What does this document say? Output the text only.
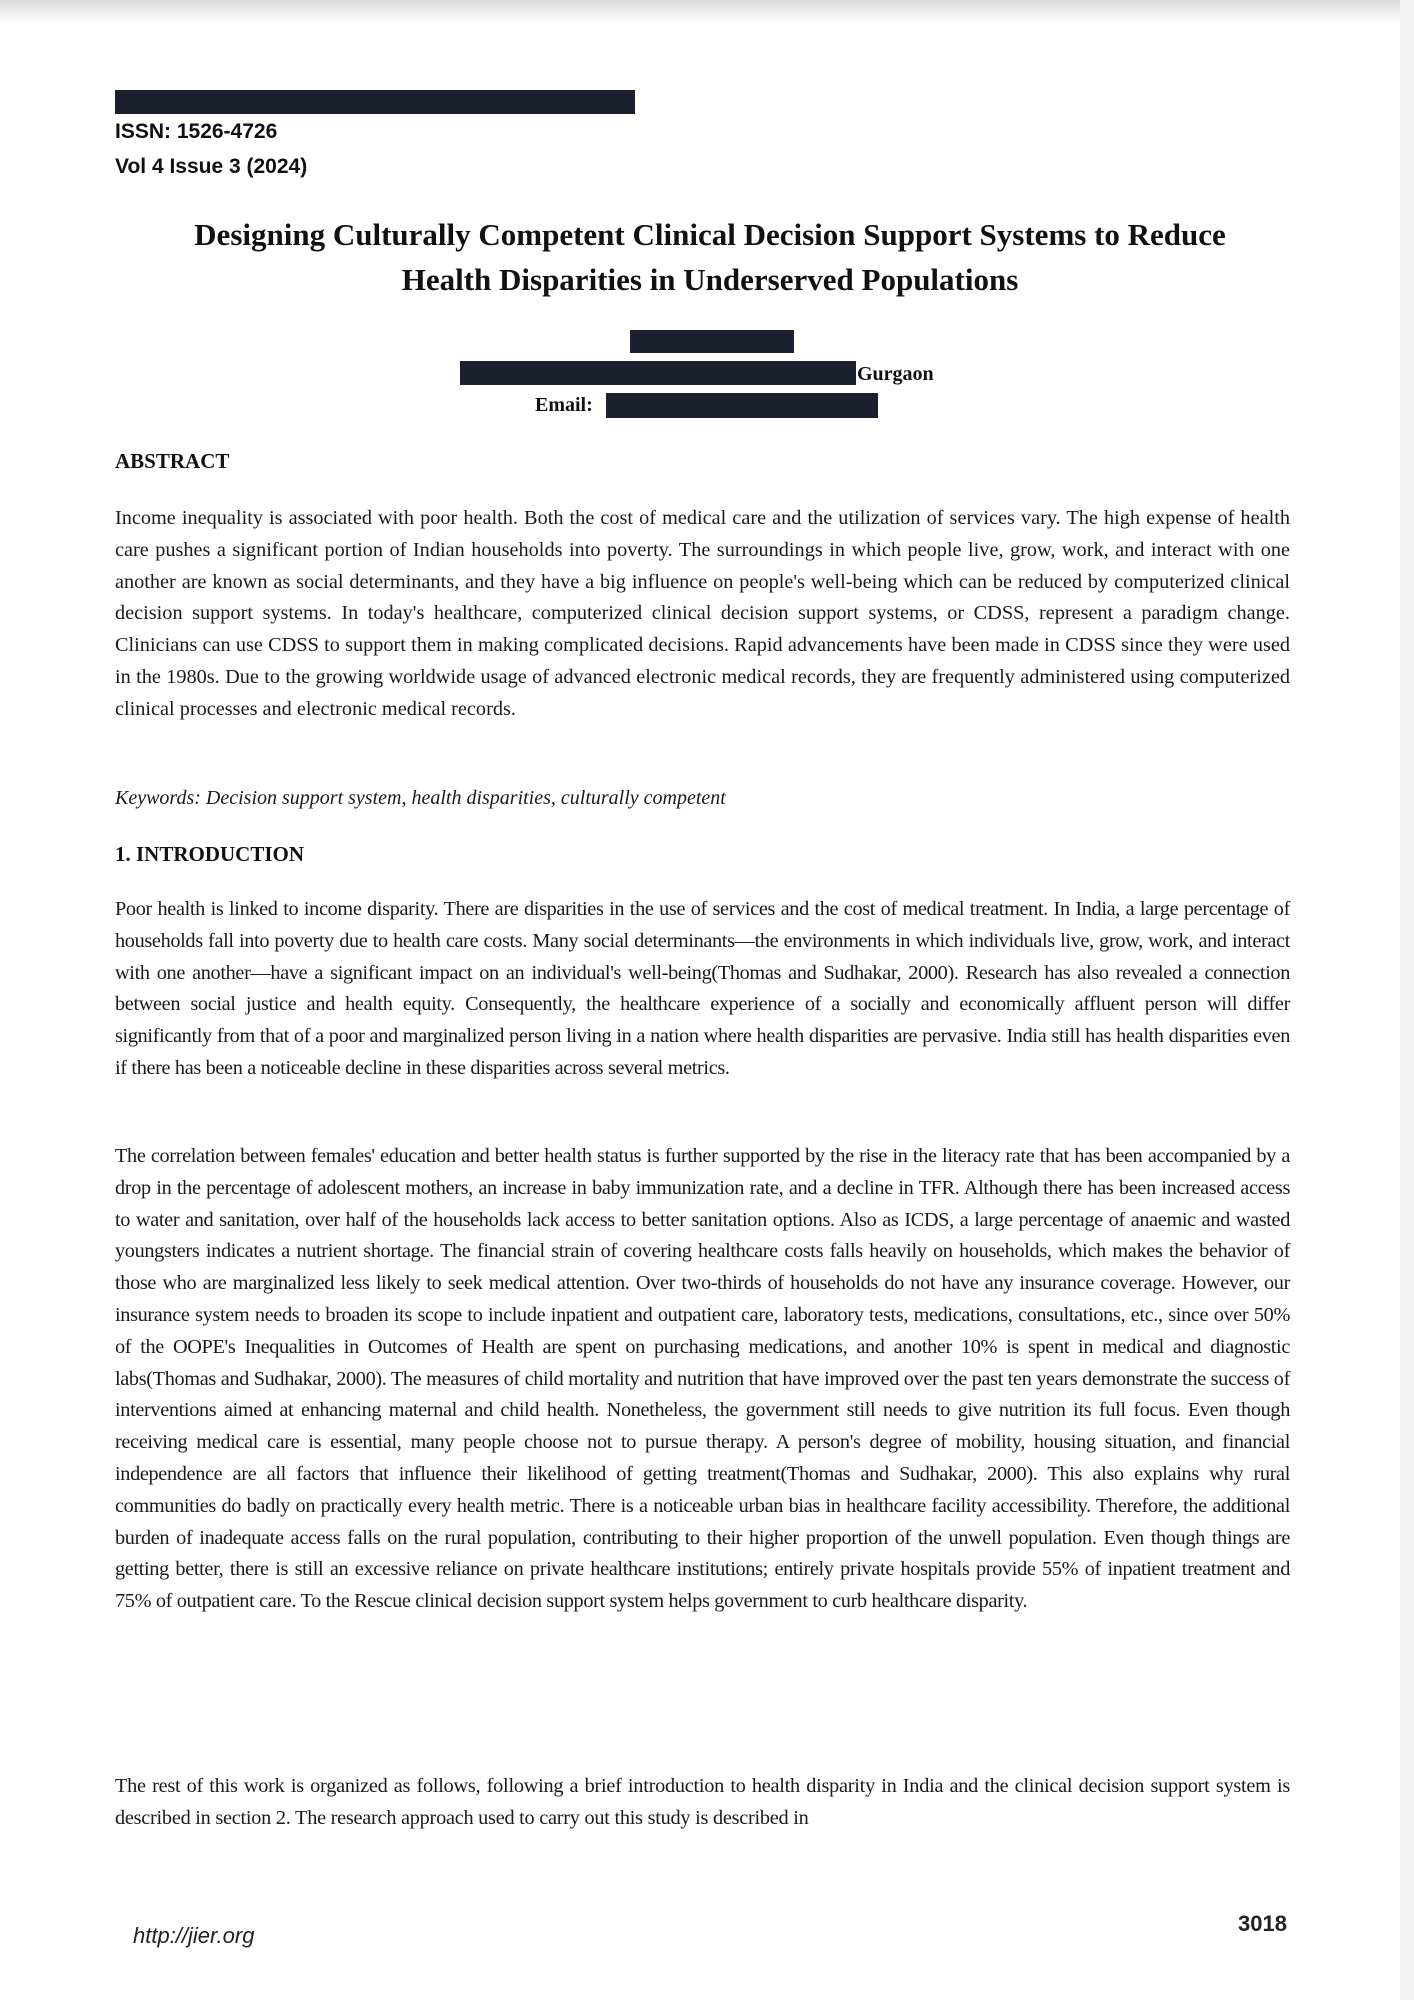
ISSN: 1526-4726
Vol 4 Issue 3 (2024)
Designing Culturally Competent Clinical Decision Support Systems to Reduce
Health Disparities in Underserved Populations
Gurgaon
Email:
ABSTRACT
Income inequality is associated with poor health. Both the cost of medical care and the utilization of services vary. The high expense of health care pushes a significant portion of Indian households into poverty. The surroundings in which people live, grow, work, and interact with one another are known as social determinants, and they have a big influence on people's well-being which can be reduced by computerized clinical decision support systems. In today's healthcare, computerized clinical decision support systems, or CDSS, represent a paradigm change. Clinicians can use CDSS to support them in making complicated decisions. Rapid advancements have been made in CDSS since they were used in the 1980s. Due to the growing worldwide usage of advanced electronic medical records, they are frequently administered using computerized clinical processes and electronic medical records.
Keywords: Decision support system, health disparities, culturally competent
1. INTRODUCTION
Poor health is linked to income disparity. There are disparities in the use of services and the cost of medical treatment. In India, a large percentage of households fall into poverty due to health care costs. Many social determinants—the environments in which individuals live, grow, work, and interact with one another—have a significant impact on an individual's well-being(Thomas and Sudhakar, 2000). Research has also revealed a connection between social justice and health equity. Consequently, the healthcare experience of a socially and economically affluent person will differ significantly from that of a poor and marginalized person living in a nation where health disparities are pervasive. India still has health disparities even if there has been a noticeable decline in these disparities across several metrics.
The correlation between females' education and better health status is further supported by the rise in the literacy rate that has been accompanied by a drop in the percentage of adolescent mothers, an increase in baby immunization rate, and a decline in TFR. Although there has been increased access to water and sanitation, over half of the households lack access to better sanitation options. Also as ICDS, a large percentage of anaemic and wasted youngsters indicates a nutrient shortage. The financial strain of covering healthcare costs falls heavily on households, which makes the behavior of those who are marginalized less likely to seek medical attention. Over two-thirds of households do not have any insurance coverage. However, our insurance system needs to broaden its scope to include inpatient and outpatient care, laboratory tests, medications, consultations, etc., since over 50% of the OOPE's Inequalities in Outcomes of Health are spent on purchasing medications, and another 10% is spent in medical and diagnostic labs(Thomas and Sudhakar, 2000). The measures of child mortality and nutrition that have improved over the past ten years demonstrate the success of interventions aimed at enhancing maternal and child health. Nonetheless, the government still needs to give nutrition its full focus. Even though receiving medical care is essential, many people choose not to pursue therapy. A person's degree of mobility, housing situation, and financial independence are all factors that influence their likelihood of getting treatment(Thomas and Sudhakar, 2000). This also explains why rural communities do badly on practically every health metric. There is a noticeable urban bias in healthcare facility accessibility. Therefore, the additional burden of inadequate access falls on the rural population, contributing to their higher proportion of the unwell population. Even though things are getting better, there is still an excessive reliance on private healthcare institutions; entirely private hospitals provide 55% of inpatient treatment and 75% of outpatient care. To the Rescue clinical decision support system helps government to curb healthcare disparity.
The rest of this work is organized as follows, following a brief introduction to health disparity in India and the clinical decision support system is described in section 2. The research approach used to carry out this study is described in
http://jier.org	3018
